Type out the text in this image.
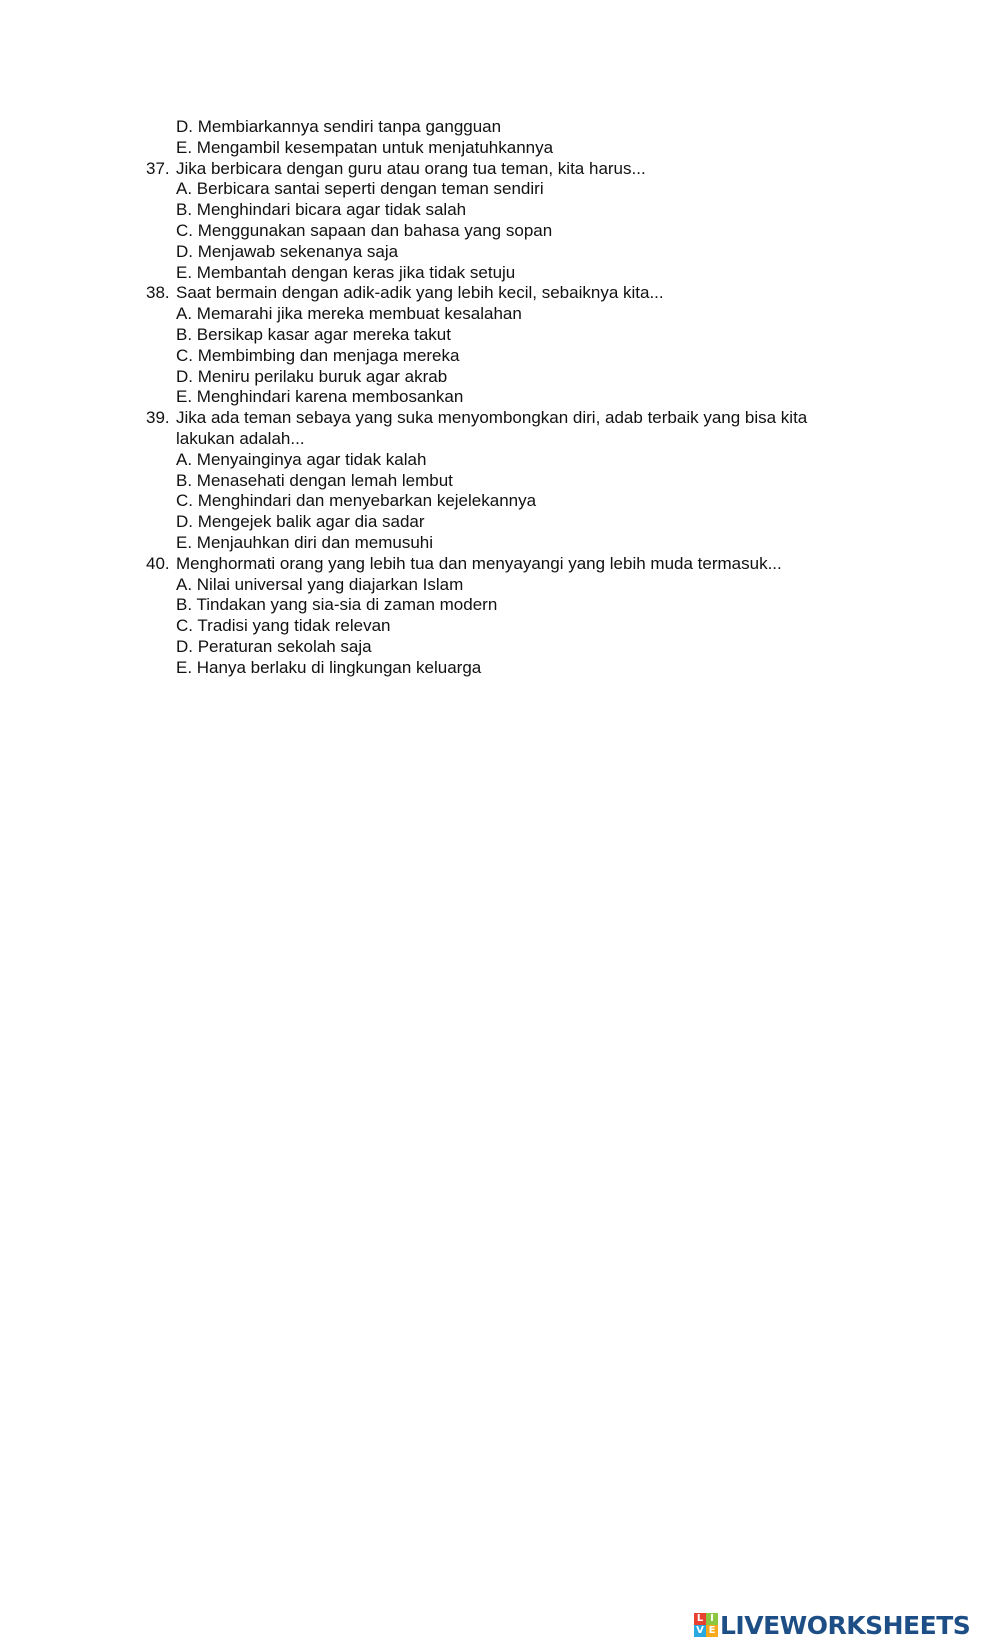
D. Membiarkannya sendiri tanpa gangguan
E. Mengambil kesempatan untuk menjatuhkannya
37. Jika berbicara dengan guru atau orang tua teman, kita harus...
A. Berbicara santai seperti dengan teman sendiri
B. Menghindari bicara agar tidak salah
C. Menggunakan sapaan dan bahasa yang sopan
D. Menjawab sekenanya saja
E. Membantah dengan keras jika tidak setuju
38. Saat bermain dengan adik-adik yang lebih kecil, sebaiknya kita...
A. Memarahi jika mereka membuat kesalahan
B. Bersikap kasar agar mereka takut
C. Membimbing dan menjaga mereka
D. Meniru perilaku buruk agar akrab
E. Menghindari karena membosankan
39. Jika ada teman sebaya yang suka menyombongkan diri, adab terbaik yang bisa kita lakukan adalah...
A. Menyainginya agar tidak kalah
B. Menasehati dengan lemah lembut
C. Menghindari dan menyebarkan kejelekannya
D. Mengejek balik agar dia sadar
E. Menjauhkan diri dan memusuhi
40. Menghormati orang yang lebih tua dan menyayangi yang lebih muda termasuk...
A. Nilai universal yang diajarkan Islam
B. Tindakan yang sia-sia di zaman modern
C. Tradisi yang tidak relevan
D. Peraturan sekolah saja
E. Hanya berlaku di lingkungan keluarga
L I
V E LIVEWORKSHEETS
